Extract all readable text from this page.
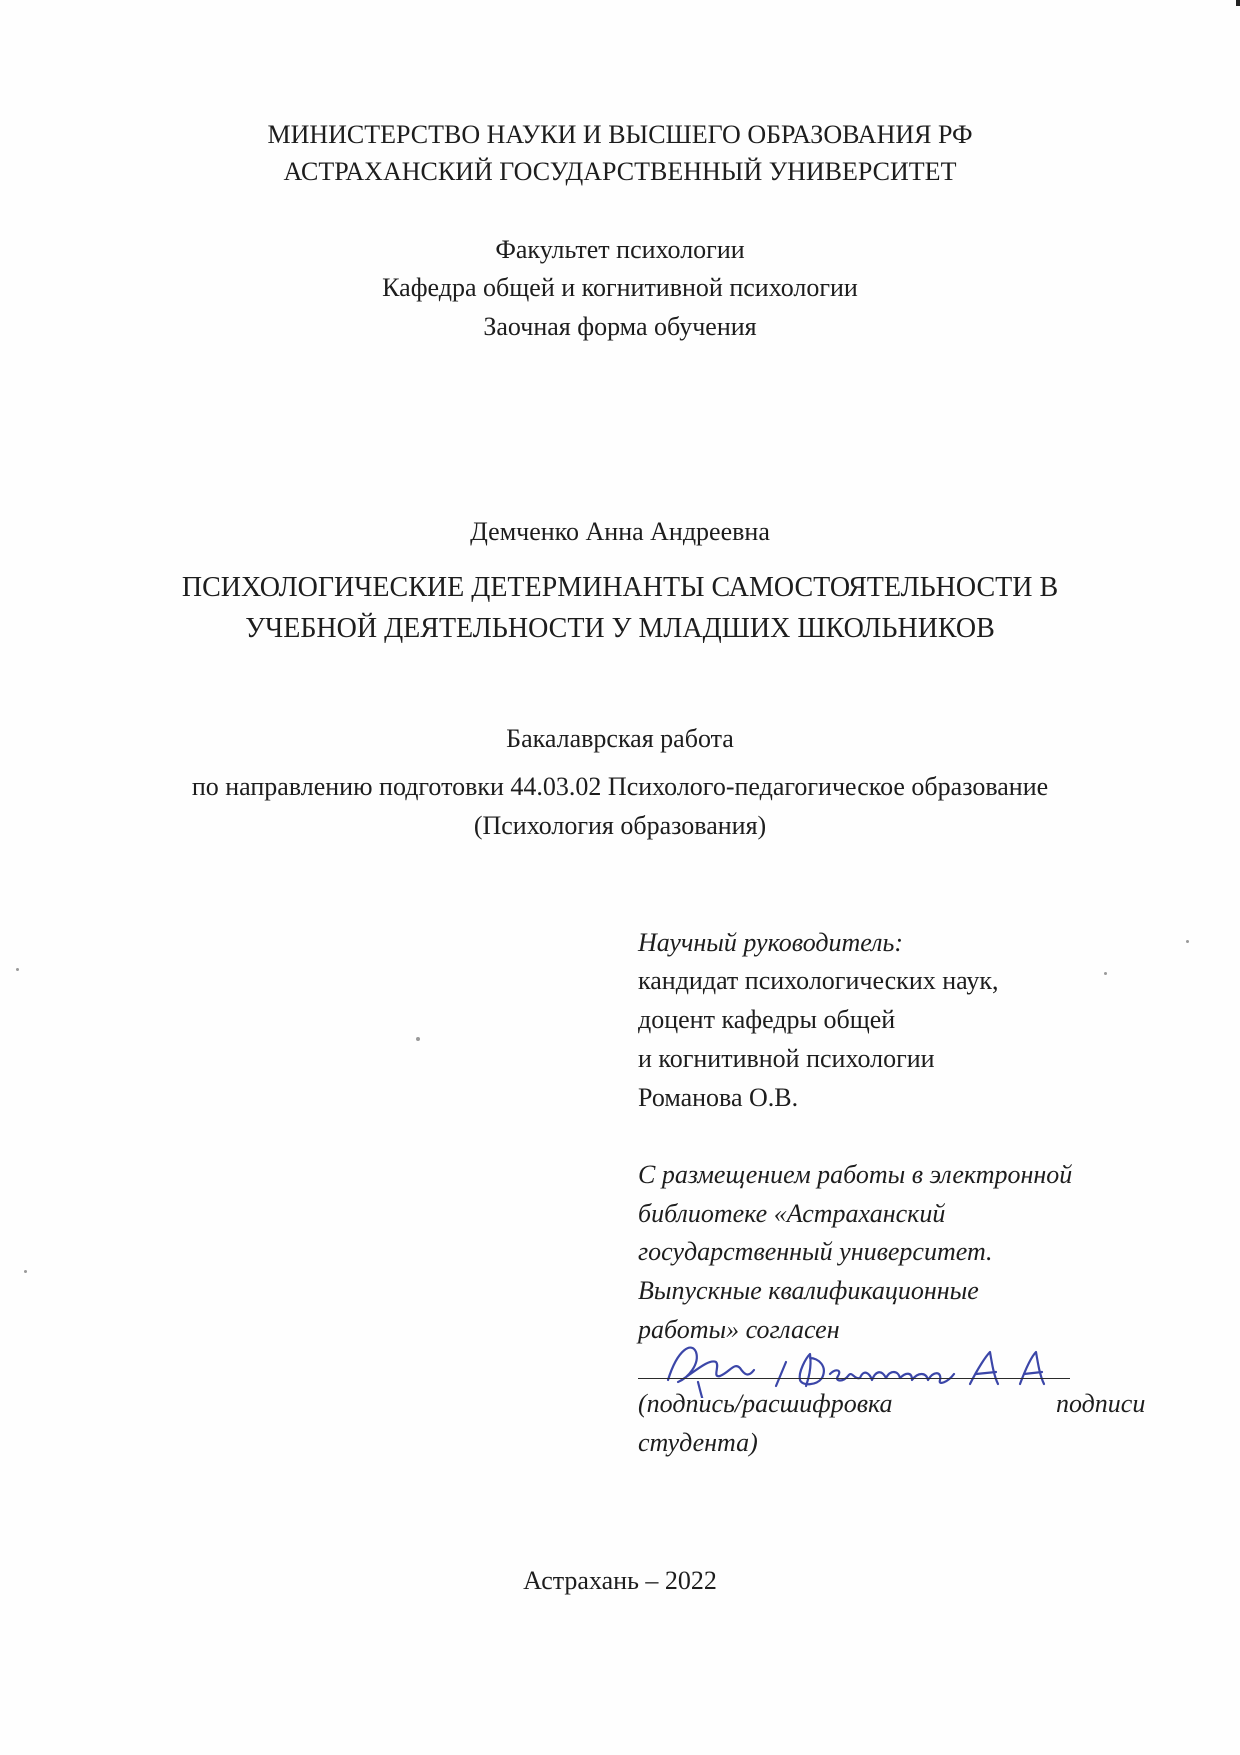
МИНИСТЕРСТВО НАУКИ И ВЫСШЕГО ОБРАЗОВАНИЯ РФ
АСТРАХАНСКИЙ ГОСУДАРСТВЕННЫЙ УНИВЕРСИТЕТ
Факультет психологии
Кафедра общей и когнитивной психологии
Заочная форма обучения
Демченко Анна Андреевна
ПСИХОЛОГИЧЕСКИЕ ДЕТЕРМИНАНТЫ САМОСТОЯТЕЛЬНОСТИ В
УЧЕБНОЙ ДЕЯТЕЛЬНОСТИ У МЛАДШИХ ШКОЛЬНИКОВ
Бакалаврская работа
по направлению подготовки 44.03.02 Психолого-педагогическое образование
(Психология образования)
Научный руководитель:
кандидат психологических наук,
доцент кафедры общей
и когнитивной психологии
Романова О.В.
С размещением работы в электронной
библиотеке «Астраханский
государственный университет.
Выпускные квалификационные
работы» согласен
(подпись/расшифровка	подписи
студента)
Астрахань – 2022
